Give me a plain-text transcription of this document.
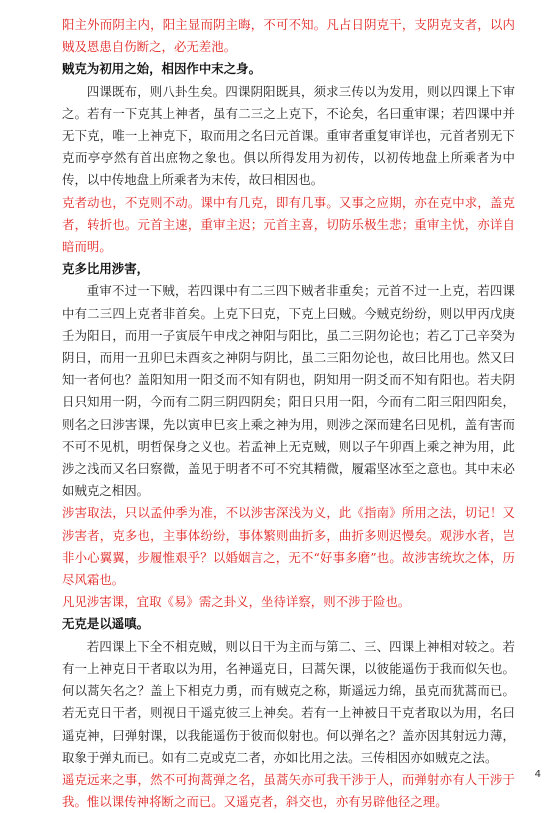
阳主外而阴主内，阳主显而阴主晦，不可不知。凡占日阴克干，支阴克支者，以内贼及恩患自伤断之，必无差池。

贼克为初用之始，相因作中末之身。

四课既布，则八卦生矣。四课阴阳既具，须求三传以为发用，则以四课上下审之。若有一下克其上神者，虽有二三之上克下，不论矣，名曰重审课；若四课中并无下克，唯一上神克下，取而用之名曰元首课。重审者重复审详也，元首者别无下克而亭亭然有首出庶物之象也。俱以所得发用为初传，以初传地盘上所乘者为中传，以中传地盘上所乘者为末传，故曰相因也。

克者动也，不克则不动。课中有几克，即有几事。又事之应期，亦在克中求，盖克者，转折也。元首主速，重审主迟；元首主喜，切防乐极生悲；重审主忧，亦详自暗而明。

克多比用涉害，

重审不过一下贼，若四课中有二三四下贼者非重矣；元首不过一上克，若四课中有二三四上克者非首矣。上克下曰克，下克上曰贼。今贼克纷纷，则以甲丙戊庚壬为阳日，而用一子寅辰午申戌之神阳与阳比，虽二三阴勿论也；若乙丁己辛癸为阴日，而用一丑卯巳未酉亥之神阴与阴比，虽二三阳勿论也，故曰比用也。然又曰知一者何也？盖阳知用一阳爻而不知有阴也，阴知用一阴爻而不知有阳也。若夫阴日只知用一阴，今而有二阴三阴四阴矣；阳日只用一阳，今而有二阳三阳四阳矣，则名之曰涉害课，先以寅申巳亥上乘之神为用，则涉之深而建名曰见机，盖有害而不可不见机，明哲保身之义也。若孟神上无克贼，则以子午卯酉上乘之神为用，此涉之浅而又名曰察微，盖见于明者不可不究其精微，履霜坚冰至之意也。其中末必如贼克之相因。

涉害取法，只以孟仲季为准，不以涉害深浅为义，此《指南》所用之法，切记！又涉害者，克多也，主事体纷纷，事体繁则曲折多，曲折多则迟慢矣。观涉水者，岂非小心翼翼，步履惟艰乎？以婚姻言之，无不“好事多磨”也。故涉害统坎之体，历尽风霜也。

凡见涉害课，宜取《易》需之卦义，坐待详察，则不涉于险也。

无克是以遥嗔。

若四课上下全不相克贼，则以日干为主而与第二、三、四课上神相对较之。若有一上神克日干者取以为用，名神遥克日，曰蒿矢课，以彼能遥伤于我而似矢也。何以蒿矢名之？盖上下相克力勇，而有贼克之称，斯遥远力绵，虽克而犹蒿而已。若无克日干者，则视日干遥克彼三上神矣。若有一上神被日干克者取以为用，名曰遥克神，曰弹射课，以我能遥伤于彼而似射也。何以弹名之？盖亦因其射远力薄，取象于弹丸而已。如有二克或克二者，亦如比用之法。三传相因亦如贼克之法。

遥克远来之事，然不可拘蒿弹之名，虽蒿矢亦可我干涉于人，而弹射亦有人干涉于我。惟以课传神将断之而已。又遥克者，斜交也，亦有另辟他径之理。

4
